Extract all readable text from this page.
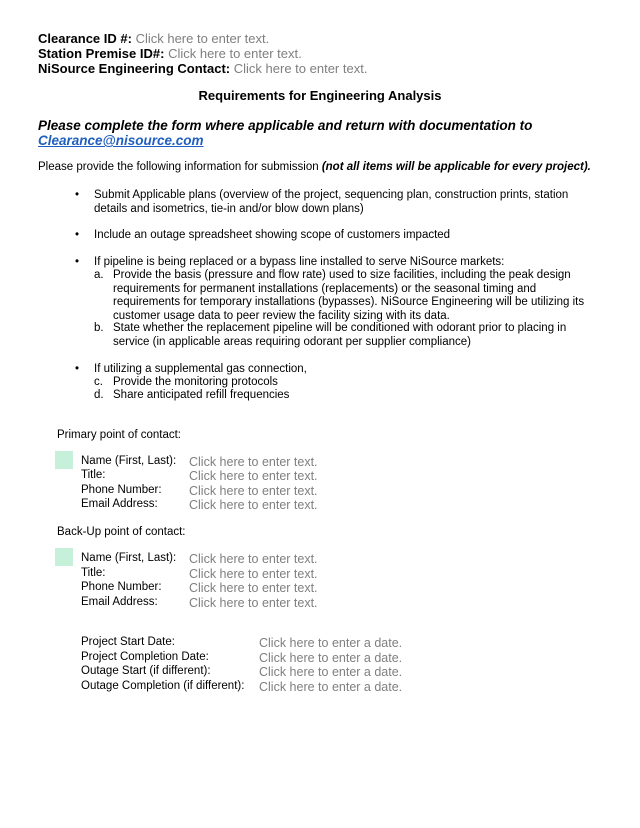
Clearance ID #: Click here to enter text.
Station Premise ID#: Click here to enter text.
NiSource Engineering Contact: Click here to enter text.
Requirements for Engineering Analysis
Please complete the form where applicable and return with documentation to
Clearance@nisource.com
Please provide the following information for submission (not all items will be applicable for every project).
• Submit Applicable plans (overview of the project, sequencing plan, construction prints, station details and isometrics, tie-in and/or blow down plans)
• Include an outage spreadsheet showing scope of customers impacted
• If pipeline is being replaced or a bypass line installed to serve NiSource markets:
a. Provide the basis (pressure and flow rate) used to size facilities, including the peak design requirements for permanent installations (replacements) or the seasonal timing and requirements for temporary installations (bypasses). NiSource Engineering will be utilizing its customer usage data to peer review the facility sizing with its data.
b. State whether the replacement pipeline will be conditioned with odorant prior to placing in service (in applicable areas requiring odorant per supplier compliance)
• If utilizing a supplemental gas connection,
c. Provide the monitoring protocols
d. Share anticipated refill frequencies
Primary point of contact:
Name (First, Last): Click here to enter text.
Title:	Click here to enter text.
Phone Number: Click here to enter text.
Email Address:	Click here to enter text.
Back-Up point of contact:
Name (First, Last): Click here to enter text.
Title:	Click here to enter text.
Phone Number: Click here to enter text.
Email Address:	Click here to enter text.
Project Start Date:	Click here to enter a date.
Project Completion Date:	Click here to enter a date.
Outage Start (if different):	Click here to enter a date.
Outage Completion (if different): Click here to enter a date.
